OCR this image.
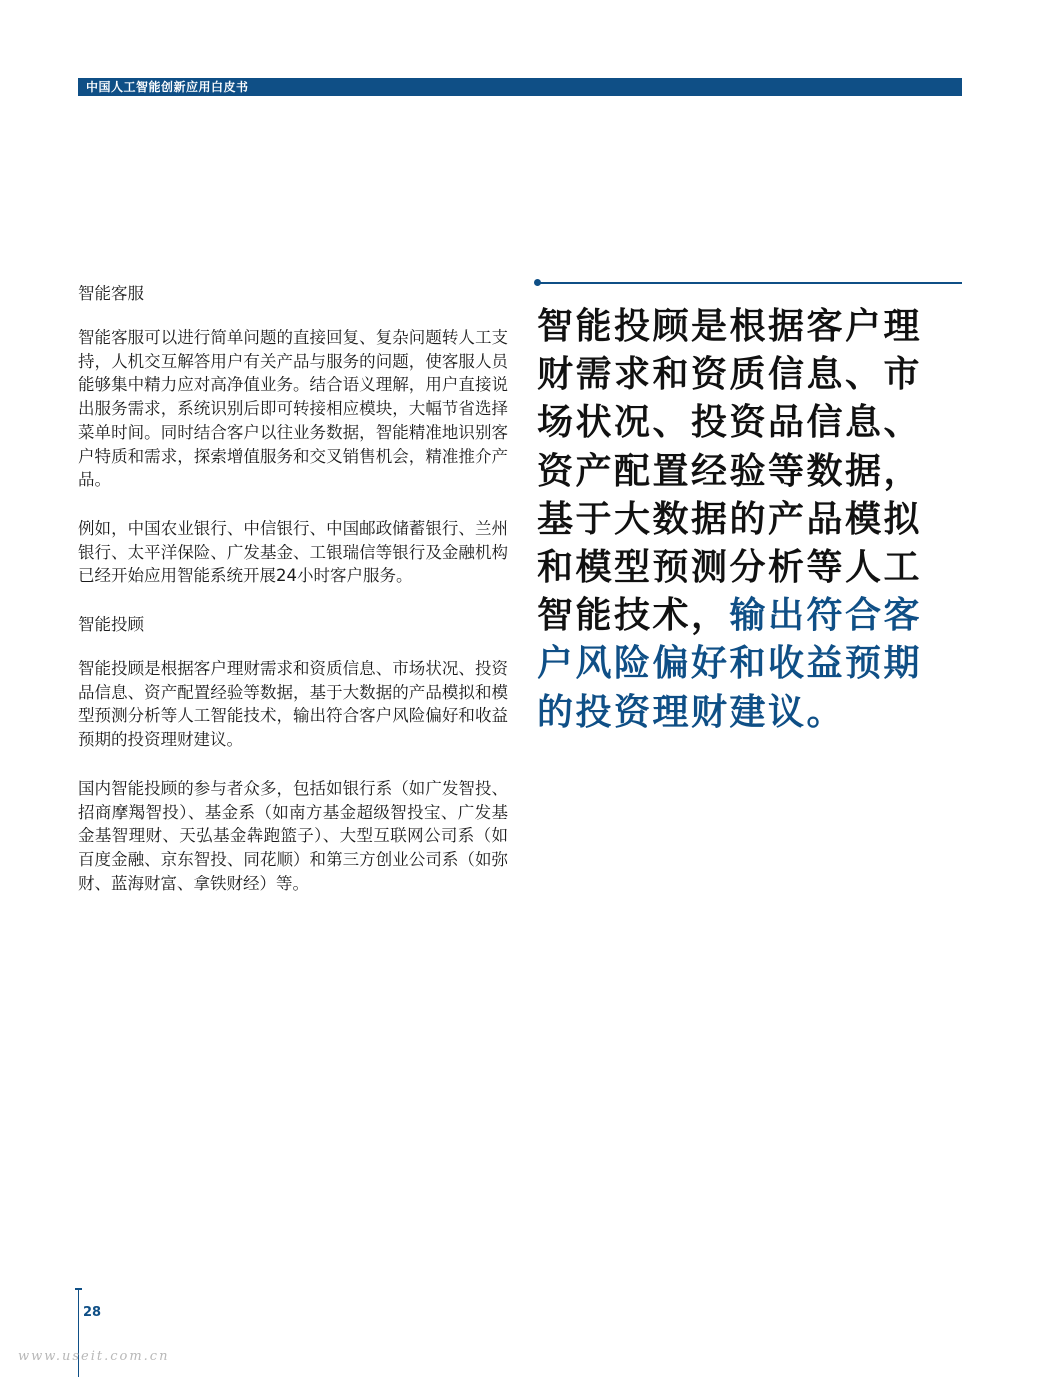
中国人工智能创新应用白皮书
智能客服

智能客服可以进行简单问题的直接回复、复杂问题转人工支持，人机交互解答用户有关产品与服务的问题，使客服人员能够集中精力应对高净值业务。结合语义理解，用户直接说出服务需求，系统识别后即可转接相应模块，大幅节省选择菜单时间。同时结合客户以往业务数据，智能精准地识别客户特质和需求，探索增值服务和交叉销售机会，精准推介产品。

例如，中国农业银行、中信银行、中国邮政储蓄银行、兰州银行、太平洋保险、广发基金、工银瑞信等银行及金融机构已经开始应用智能系统开展24小时客户服务。

智能投顾

智能投顾是根据客户理财需求和资质信息、市场状况、投资品信息、资产配置经验等数据，基于大数据的产品模拟和模型预测分析等人工智能技术，输出符合客户风险偏好和收益预期的投资理财建议。

国内智能投顾的参与者众多，包括如银行系（如广发智投、招商摩羯智投）、基金系（如南方基金超级智投宝、广发基金基智理财、天弘基金犇跑篮子）、大型互联网公司系（如百度金融、京东智投、同花顺）和第三方创业公司系（如弥财、蓝海财富、拿铁财经）等。

智能投顾是根据客户理
财需求和资质信息、市
场状况、投资品信息、
资产配置经验等数据，
基于大数据的产品模拟
和模型预测分析等人工
智能技术，输出符合客
户风险偏好和收益预期
的投资理财建议。
28
www.useit.com.cn
